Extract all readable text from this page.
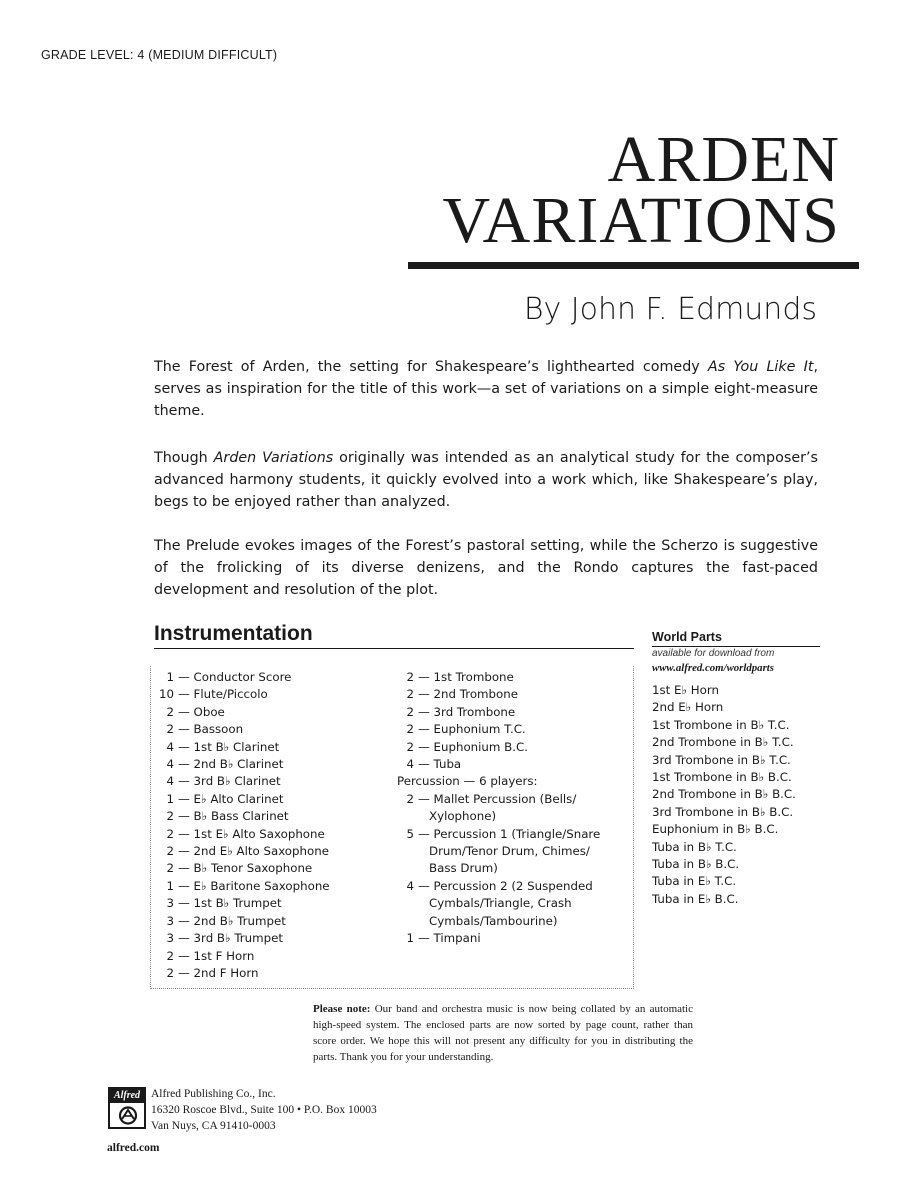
GRADE LEVEL: 4 (MEDIUM DIFFICULT)
ARDEN
VARIATIONS
By John F. Edmunds
The Forest of Arden, the setting for Shakespeare’s lighthearted comedy As You Like It, serves as inspiration for the title of this work—a set of variations on a simple eight-measure theme.
Though Arden Variations originally was intended as an analytical study for the composer’s advanced harmony students, it quickly evolved into a work which, like Shakespeare’s play, begs to be enjoyed rather than analyzed.
The Prelude evokes images of the Forest’s pastoral setting, while the Scherzo is suggestive of the frolicking of its diverse denizens, and the Rondo captures the fast-paced development and resolution of the plot.
Instrumentation
1 — Conductor Score
10 — Flute/Piccolo
2 — Oboe
2 — Bassoon
4 — 1st B♭ Clarinet
4 — 2nd B♭ Clarinet
4 — 3rd B♭ Clarinet
1 — E♭ Alto Clarinet
2 — B♭ Bass Clarinet
2 — 1st E♭ Alto Saxophone
2 — 2nd E♭ Alto Saxophone
2 — B♭ Tenor Saxophone
1 — E♭ Baritone Saxophone
3 — 1st B♭ Trumpet
3 — 2nd B♭ Trumpet
3 — 3rd B♭ Trumpet
2 — 1st F Horn
2 — 2nd F Horn
2 — 1st Trombone
2 — 2nd Trombone
2 — 3rd Trombone
2 — Euphonium T.C.
2 — Euphonium B.C.
4 — Tuba
Percussion — 6 players:
2 — Mallet Percussion (Bells/
Xylophone)
5 — Percussion 1 (Triangle/Snare
Drum/Tenor Drum, Chimes/
Bass Drum)
4 — Percussion 2 (2 Suspended
Cymbals/Triangle, Crash
Cymbals/Tambourine)
1 — Timpani
World Parts
available for download from
www.alfred.com/worldparts
1st E♭ Horn
2nd E♭ Horn
1st Trombone in B♭ T.C.
2nd Trombone in B♭ T.C.
3rd Trombone in B♭ T.C.
1st Trombone in B♭ B.C.
2nd Trombone in B♭ B.C.
3rd Trombone in B♭ B.C.
Euphonium in B♭ B.C.
Tuba in B♭ T.C.
Tuba in B♭ B.C.
Tuba in E♭ T.C.
Tuba in E♭ B.C.
Please note: Our band and orchestra music is now being collated by an automatic high-speed system. The enclosed parts are now sorted by page count, rather than score order. We hope this will not present any difficulty for you in distributing the parts. Thank you for your understanding.
Alfred Alfred Publishing Co., Inc.
16320 Roscoe Blvd., Suite 100 • P.O. Box 10003
Van Nuys, CA 91410-0003
alfred.com
